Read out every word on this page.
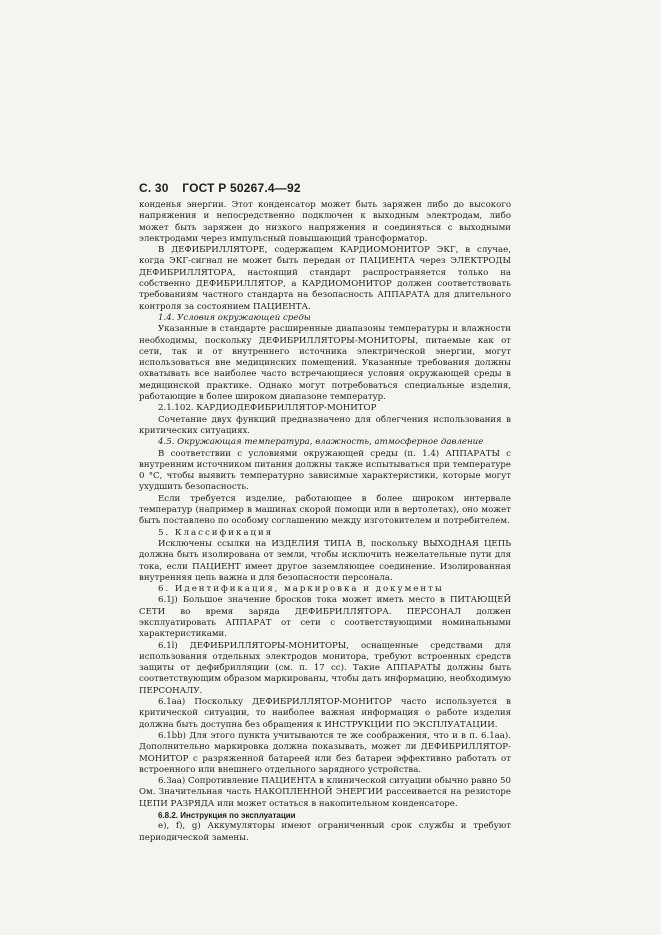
С. 30 ГОСТ Р 50267.4—92

конденья энергии. Этот конденсатор может быть заряжен либо до высокого напряжения и непосредственно подключен к выходным электродам, либо может быть заряжен до низкого напряжения и соединяться с выходными электродами через импульсный повышающий трансформатор.

В ДЕФИБРИЛЛЯТОРЕ, содержащем КАРДИОМОНИТОР ЭКГ, в случае, когда ЭКГ-сигнал не может быть передан от ПАЦИЕНТА через ЭЛЕКТРОДЫ ДЕФИБРИЛЛЯТОРА, настоящий стандарт распространяется только на собственно ДЕФИБРИЛЛЯТОР, а КАРДИОМОНИТОР должен соответствовать требованиям частного стандарта на безопасность АППАРАТА для длительного контроля за состоянием ПАЦИЕНТА.

1.4. Условия окружающей среды

Указанные в стандарте расширенные диапазоны температуры и влажности необходимы, поскольку ДЕФИБРИЛЛЯТОРЫ-МОНИТОРЫ, питаемые как от сети, так и от внутреннего источника электрической энергии, могут использоваться вне медицинских помещений. Указанные требования должны охватывать все наиболее часто встречающиеся условия окружающей среды в медицинской практике. Однако могут потребоваться специальные изделия, работающие в более широком диапазоне температур.

2.1.102. КАРДИОДЕФИБРИЛЛЯТОР-МОНИТОР

Сочетание двух функций предназначено для облегчения использования в критических ситуациях.

4.5. Окружающая температура, влажность, атмосферное давление

В соответствии с условиями окружающей среды (п. 1.4) АППАРАТЫ с внутренним источником питания должны также испытываться при температуре 0 °С, чтобы выявить температурно зависимые характеристики, которые могут ухудшить безопасность.

Если требуется изделие, работающее в более широком интервале температур (например в машинах скорой помощи или в вертолетах), оно может быть поставлено по особому соглашению между изготовителем и потребителем.

5. Классификация

Исключены ссылки на ИЗДЕЛИЯ ТИПА В, поскольку ВЫХОДНАЯ ЦЕПЬ должна быть изолирована от земли, чтобы исключить нежелательные пути для тока, если ПАЦИЕНТ имеет другое заземляющее соединение. Изолированная внутренняя цепь важна и для безопасности персонала.

6. Идентификация, маркировка и документы

6.1j) Большое значение бросков тока может иметь место в ПИТАЮЩЕЙ СЕТИ во время заряда ДЕФИБРИЛЛЯТОРА. ПЕРСОНАЛ должен эксплуатировать АППАРАТ от сети с соответствующими номинальными характеристиками.

6.1l) ДЕФИБРИЛЛЯТОРЫ-МОНИТОРЫ, оснащенные средствами для использования отдельных электродов монитора, требуют встроенных средств защиты от дефибрилляции (см. п. 17 сс). Такие АППАРАТЫ должны быть соответствующим образом маркированы, чтобы дать информацию, необходимую ПЕРСОНАЛУ.

6.1aa) Поскольку ДЕФИБРИЛЛЯТОР-МОНИТОР часто используется в критической ситуации, то наиболее важная информация о работе изделия должна быть доступна без обращения к ИНСТРУКЦИИ ПО ЭКСПЛУАТАЦИИ.

6.1bb) Для этого пункта учитываются те же соображения, что и в п. 6.1аа). Дополнительно маркировка должна показывать, может ли ДЕФИБРИЛЛЯТОР-МОНИТОР с разряженной батареей или без батареи эффективно работать от встроенного или внешнего отдельного зарядного устройства.

6.3аа) Сопротивление ПАЦИЕНТА в клинической ситуации обычно равно 50 Ом. Значительная часть НАКОПЛЕННОЙ ЭНЕРГИИ рассеивается на резисторе ЦЕПИ РАЗРЯДА или может остаться в накопительном конденсаторе.

6.8.2. Инструкция по эксплуатации

е), f), g) Аккумуляторы имеют ограниченный срок службы и требуют периодической замены.
